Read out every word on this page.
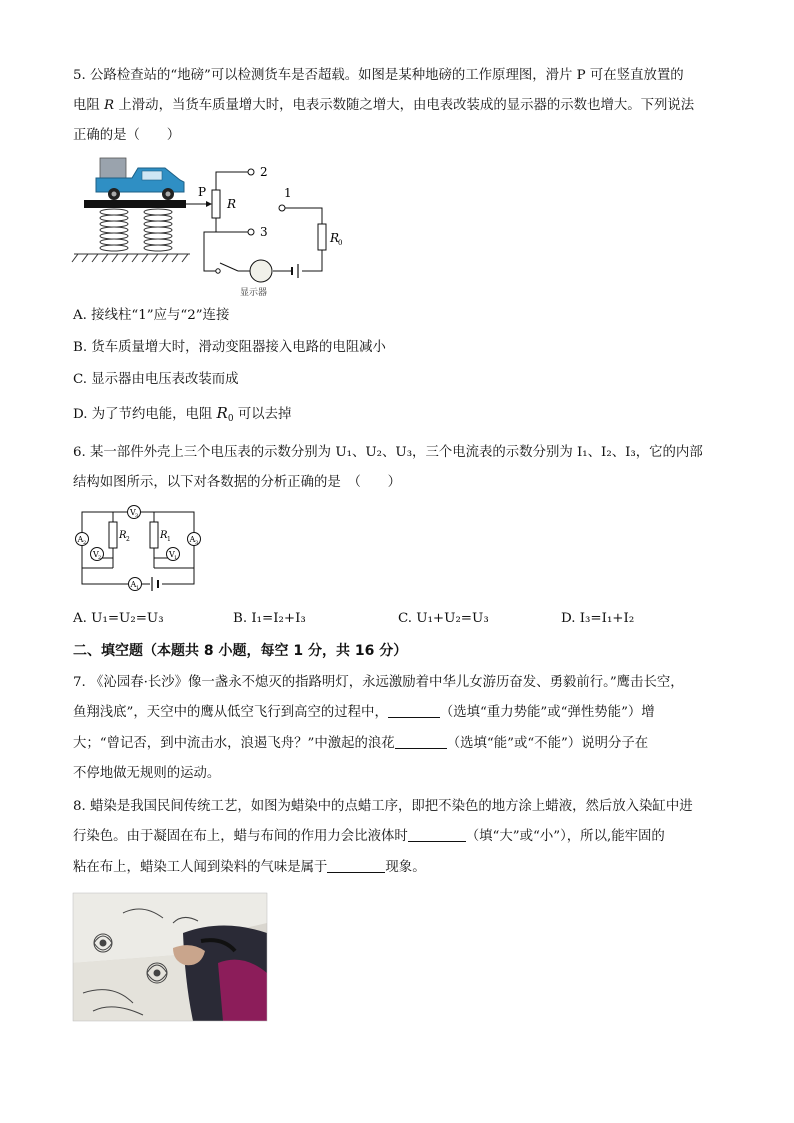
5. 公路检查站的“地磅”可以检测货车是否超载。如图是某种地磅的工作原理图，滑片 P 可在竖直放置的
电阻 R 上滑动，当货车质量增大时，电表示数随之增大，由电表改装成的显示器的示数也增大。下列说法
正确的是（　　）
P
R
2
3
1
R
0
显示器
A. 接线柱“1”应与“2”连接
B. 货车质量增大时，滑动变阻器接入电路的电阻减小
C. 显示器由电压表改装而成
D. 为了节约电能，电阻 $R_0$ 可以去掉
6. 某一部件外壳上三个电压表的示数分别为 U₁、U₂、U₃，三个电流表的示数分别为 I₁、I₂、I₃，它的内部
结构如图所示，以下对各数据的分析正确的是　（　　）
R 2	R 1
A 2	A 3
A 1
V 3
V 2	V 1
A. U₁=U₂=U₃	B. I₁=I₂+I₃	C. U₁+U₂=U₃	D. I₃=I₁+I₂
二、填空题（本题共 8 小题，每空 1 分，共 16 分）
7. 《沁园春·长沙》像一盏永不熄灭的指路明灯，永远激励着中华儿女游历奋发、勇毅前行。”鹰击长空，
鱼翔浅底”，天空中的鹰从低空飞行到高空的过程中，	（选填“重力势能”或“弹性势能”）增
大；“曾记否，到中流击水，浪遏飞舟？”中激起的浪花	（选填“能”或“不能”）说明分子在
不停地做无规则的运动。
8. 蜡染是我国民间传统工艺，如图为蜡染中的点蜡工序，即把不染色的地方涂上蜡液，然后放入染缸中进
行染色。由于凝固在布上，蜡与布间的作用力会比液体时	（填“大”或“小”），所以,能牢固的
粘在布上，蜡染工人闻到染料的气味是属于	现象。
